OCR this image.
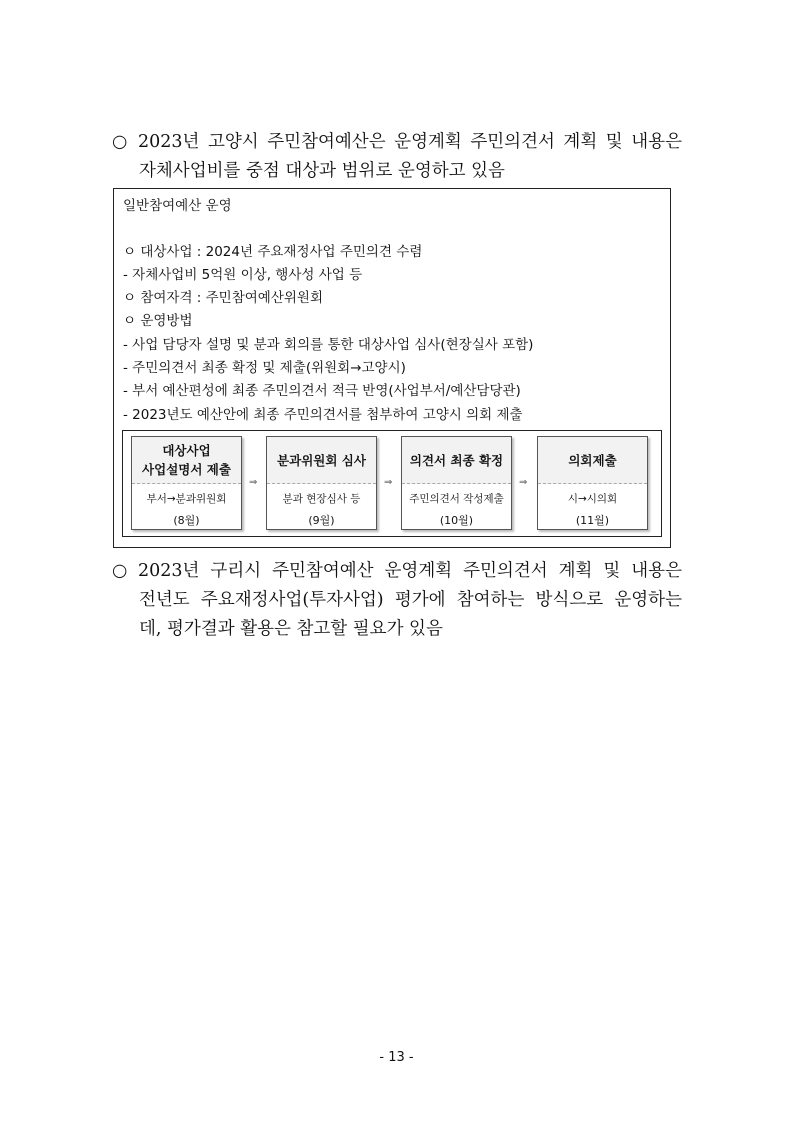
○ 2023년 고양시 주민참여예산은 운영계획 주민의견서 계획 및 내용은
자체사업비를 중점 대상과 범위로 운영하고 있음
일반참여예산 운영
ㅇ 대상사업 : 2024년 주요재정사업 주민의견 수렴
- 자체사업비 5억원 이상, 행사성 사업 등
ㅇ 참여자격 : 주민참여예산위원회
ㅇ 운영방법
- 사업 담당자 설명 및 분과 회의를 통한 대상사업 심사(현장실사 포함)
- 주민의견서 최종 확정 및 제출(위원회→고양시)
- 부서 예산편성에 최종 주민의견서 적극 반영(사업부서/예산담당관)
- 2023년도 예산안에 최종 주민의견서를 첨부하여 고양시 의회 제출
대상사업
사업설명서 제출
부서→분과위원회
(8월)
⇒
분과위원회 심사
분과 현장심사 등
(9월)
⇒
의견서 최종 확정
주민의견서 작성제출
(10월)
⇒
의회제출
시→시의회
(11월)
○ 2023년 구리시 주민참여예산 운영계획 주민의견서 계획 및 내용은
전년도 주요재정사업(투자사업) 평가에 참여하는 방식으로 운영하는
데, 평가결과 활용은 참고할 필요가 있음
- 13 -
